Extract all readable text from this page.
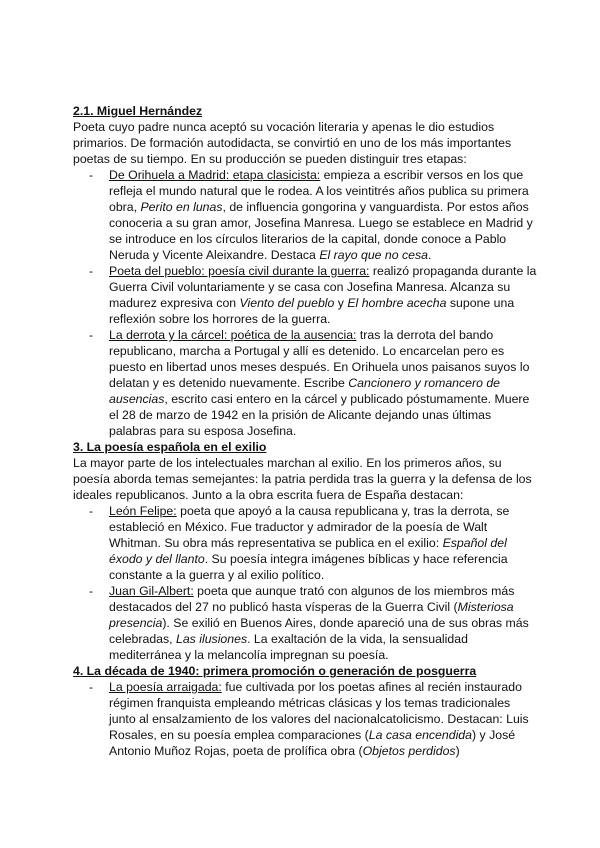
2.1. Miguel Hernández

Poeta cuyo padre nunca aceptó su vocación literaria y apenas le dio estudios primarios. De formación autodidacta, se convirtió en uno de los más importantes poetas de su tiempo. En su producción se pueden distinguir tres etapas:

- De Orihuela a Madrid: etapa clasicista: empieza a escribir versos en los que refleja el mundo natural que le rodea. A los veintitrés años publica su primera obra, Perito en lunas, de influencia gongorina y vanguardista. Por estos años conoceria a su gran amor, Josefina Manresa. Luego se establece en Madrid y se introduce en los círculos literarios de la capital, donde conoce a Pablo Neruda y Vicente Aleixandre. Destaca El rayo que no cesa.
- Poeta del pueblo: poesía civil durante la guerra: realizó propaganda durante la Guerra Civil voluntariamente y se casa con Josefina Manresa. Alcanza su madurez expresiva con Viento del pueblo y El hombre acecha supone una reflexión sobre los horrores de la guerra.
- La derrota y la cárcel: poética de la ausencia: tras la derrota del bando republicano, marcha a Portugal y allí es detenido. Lo encarcelan pero es puesto en libertad unos meses después. En Orihuela unos paisanos suyos lo delatan y es detenido nuevamente. Escribe Cancionero y romancero de ausencias, escrito casi entero en la cárcel y publicado póstumamente. Muere el 28 de marzo de 1942 en la prisión de Alicante dejando unas últimas palabras para su esposa Josefina.

3. La poesía española en el exilio

La mayor parte de los intelectuales marchan al exilio. En los primeros años, su poesía aborda temas semejantes: la patria perdida tras la guerra y la defensa de los ideales republicanos. Junto a la obra escrita fuera de España destacan:

- León Felipe: poeta que apoyó a la causa republicana y, tras la derrota, se estableció en México. Fue traductor y admirador de la poesía de Walt Whitman. Su obra más representativa se publica en el exilio: Español del éxodo y del llanto. Su poesía integra imágenes bíblicas y hace referencia constante a la guerra y al exilio político.
- Juan Gil-Albert: poeta que aunque trató con algunos de los miembros más destacados del 27 no publicó hasta vísperas de la Guerra Civil (Misteriosa presencia). Se exilió en Buenos Aires, donde apareció una de sus obras más celebradas, Las ilusiones. La exaltación de la vida, la sensualidad mediterránea y la melancolía impregnan su poesía.

4. La década de 1940: primera promoción o generación de posguerra

- La poesía arraigada: fue cultivada por los poetas afines al recién instaurado régimen franquista empleando métricas clásicas y los temas tradicionales junto al ensalzamiento de los valores del nacionalcatolicismo. Destacan: Luis Rosales, en su poesía emplea comparaciones (La casa encendida) y José Antonio Muñoz Rojas, poeta de prolífica obra (Objetos perdidos)
